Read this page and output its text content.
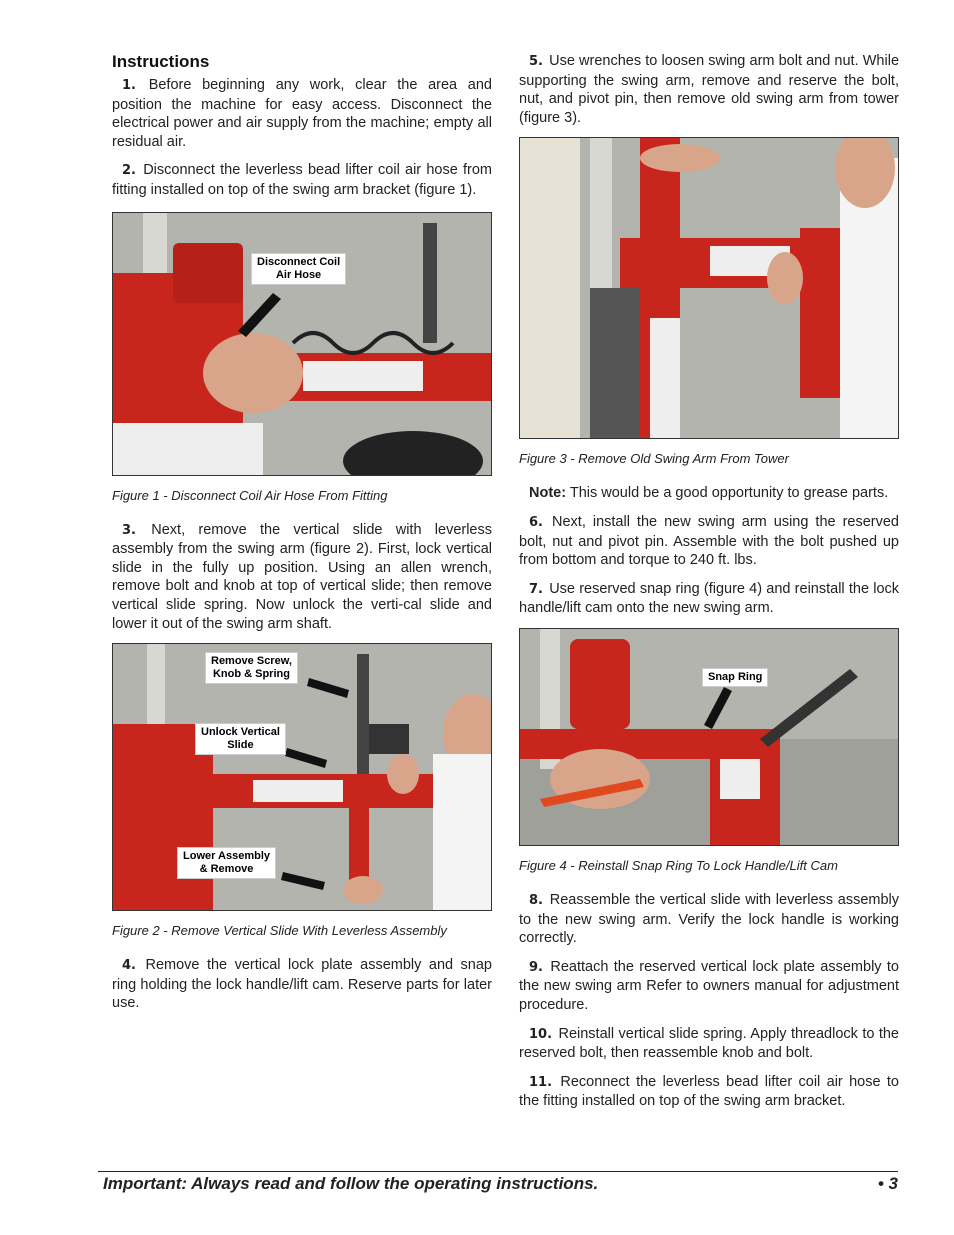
Instructions

1. Before beginning any work, clear the area and position the machine for easy access. Disconnect the electrical power and air supply from the machine; empty all residual air.

2. Disconnect the leverless bead lifter coil air hose from fitting installed on top of the swing arm bracket (figure 1).

Disconnect Coil
Air Hose
Figure 1 - Disconnect Coil Air Hose From Fitting

3. Next, remove the vertical slide with leverless assembly from the swing arm (figure 2). First, lock vertical slide in the fully up position. Using an allen wrench, remove bolt and knob at top of vertical slide; then remove vertical slide spring. Now unlock the verti-cal slide and lower it out of the swing arm shaft.

Remove Screw,
Knob & Spring
Unlock Vertical
Slide
Lower Assembly
& Remove
Figure 2 - Remove Vertical Slide With Leverless Assembly

4. Remove the vertical lock plate assembly and snap ring holding the lock handle/lift cam. Reserve parts for later use.

5. Use wrenches to loosen swing arm bolt and nut. While supporting the swing arm, remove and reserve the bolt, nut, and pivot pin, then remove old swing arm from tower (figure 3).

Figure 3 - Remove Old Swing Arm From Tower

Note: This would be a good opportunity to grease parts.

6. Next, install the new swing arm using the reserved bolt, nut and pivot pin. Assemble with the bolt pushed up from bottom and torque to 240 ft. lbs.

7. Use reserved snap ring (figure 4) and reinstall the lock handle/lift cam onto the new swing arm.

Snap Ring
Figure 4 - Reinstall Snap Ring To Lock Handle/Lift Cam

8. Reassemble the vertical slide with leverless assembly to the new swing arm. Verify the lock handle is working correctly.

9. Reattach the reserved vertical lock plate assembly to the new swing arm Refer to owners manual for adjustment procedure.

10. Reinstall vertical slide spring. Apply threadlock to the reserved bolt, then reassemble knob and bolt.

11. Reconnect the leverless bead lifter coil air hose to the fitting installed on top of the swing arm bracket.

Important: Always read and follow the operating instructions.	• 3
